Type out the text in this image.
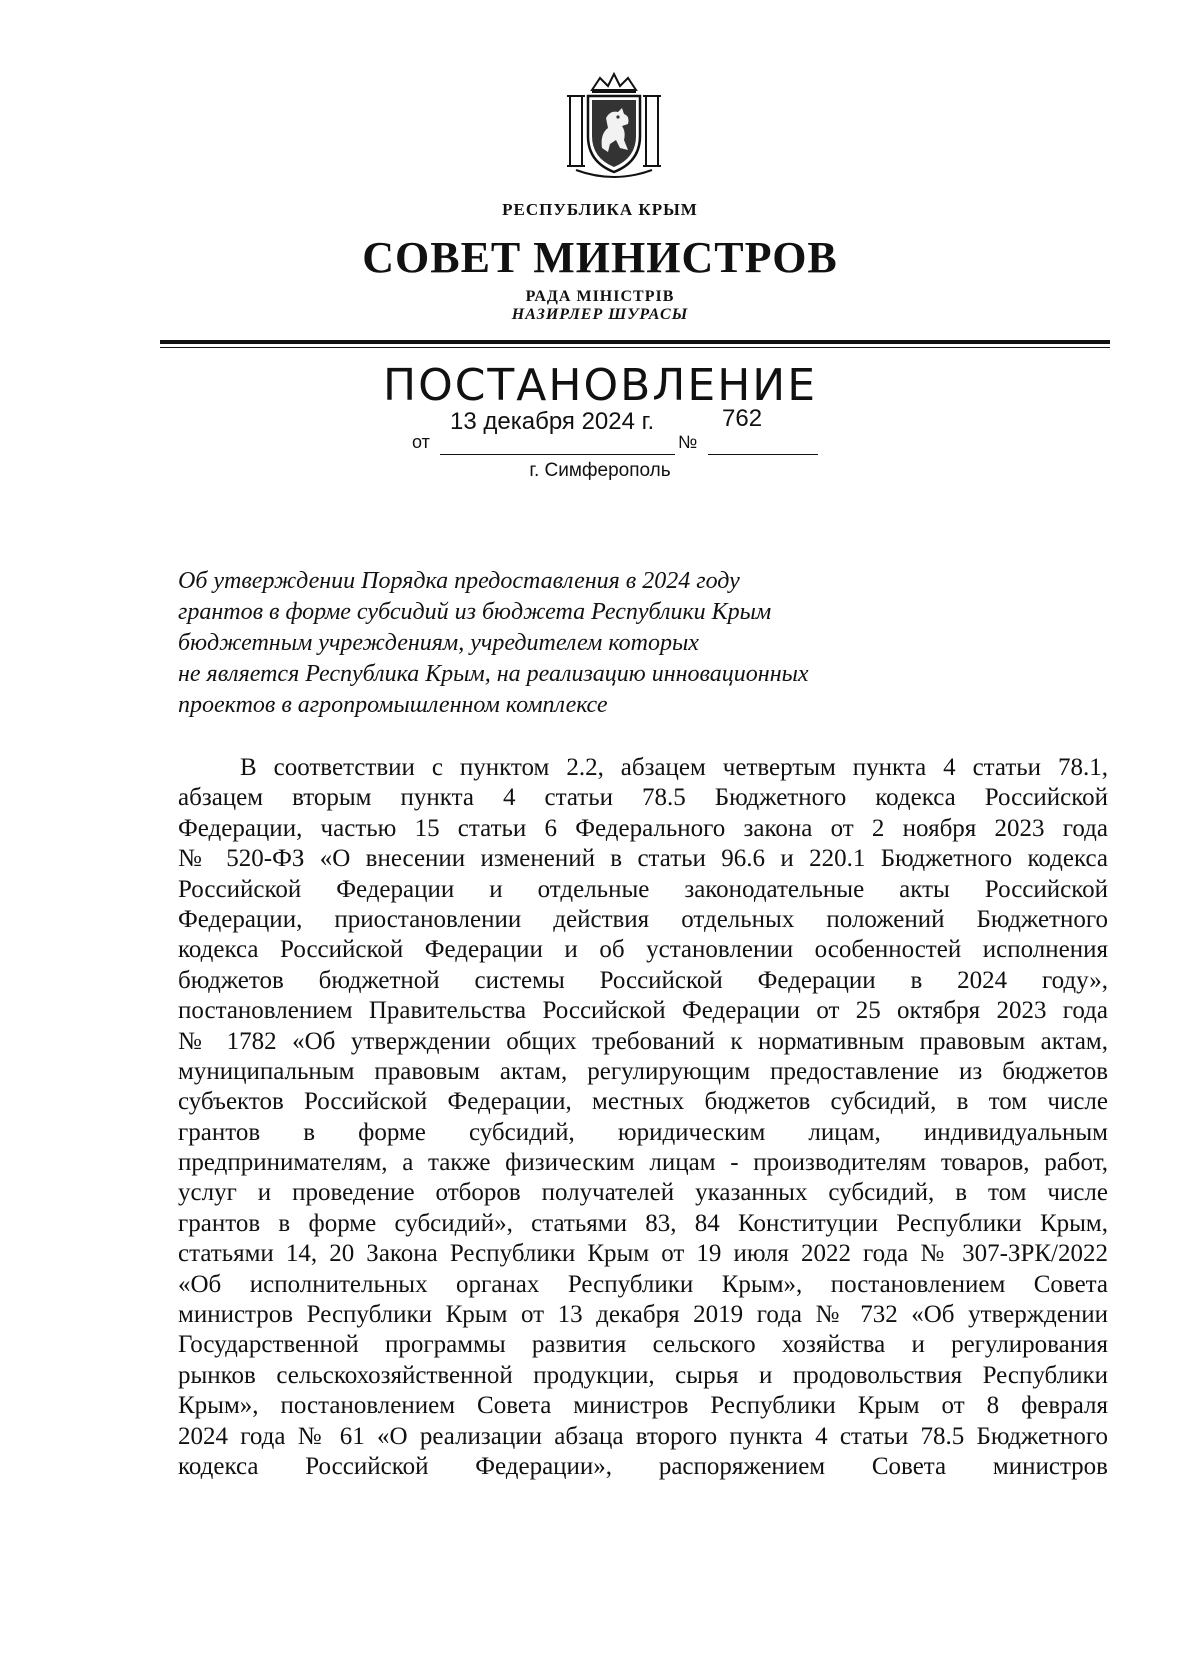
РЕСПУБЛИКА КРЫМ
СОВЕТ МИНИСТРОВ
РАДА МІНІСТРІВ
НАЗИРЛЕР ШУРАСЫ
ПОСТАНОВЛЕНИЕ
13 декабря 2024 г.	762
от	№
г. Симферополь
Об утверждении Порядка предоставления в 2024 году
грантов в форме субсидий из бюджета Республики Крым
бюджетным учреждениям, учредителем которых
не является Республика Крым, на реализацию инновационных
проектов в агропромышленном комплексе
В соответствии с пунктом 2.2, абзацем четвертым пункта 4 статьи 78.1,
абзацем вторым пункта 4 статьи 78.5 Бюджетного кодекса Российской
Федерации, частью 15 статьи 6 Федерального закона от 2 ноября 2023 года
№ 520-ФЗ «О внесении изменений в статьи 96.6 и 220.1 Бюджетного кодекса
Российской Федерации и отдельные законодательные акты Российской
Федерации, приостановлении действия отдельных положений Бюджетного
кодекса Российской Федерации и об установлении особенностей исполнения
бюджетов бюджетной системы Российской Федерации в 2024 году»,
постановлением Правительства Российской Федерации от 25 октября 2023 года
№ 1782 «Об утверждении общих требований к нормативным правовым актам,
муниципальным правовым актам, регулирующим предоставление из бюджетов
субъектов Российской Федерации, местных бюджетов субсидий, в том числе
грантов в форме субсидий, юридическим лицам, индивидуальным
предпринимателям, а также физическим лицам - производителям товаров, работ,
услуг и проведение отборов получателей указанных субсидий, в том числе
грантов в форме субсидий», статьями 83, 84 Конституции Республики Крым,
статьями 14, 20 Закона Республики Крым от 19 июля 2022 года № 307-ЗРК/2022
«Об исполнительных органах Республики Крым», постановлением Совета
министров Республики Крым от 13 декабря 2019 года № 732 «Об утверждении
Государственной программы развития сельского хозяйства и регулирования
рынков сельскохозяйственной продукции, сырья и продовольствия Республики
Крым», постановлением Совета министров Республики Крым от 8 февраля
2024 года № 61 «О реализации абзаца второго пункта 4 статьи 78.5 Бюджетного
кодекса Российской Федерации», распоряжением Совета министров
